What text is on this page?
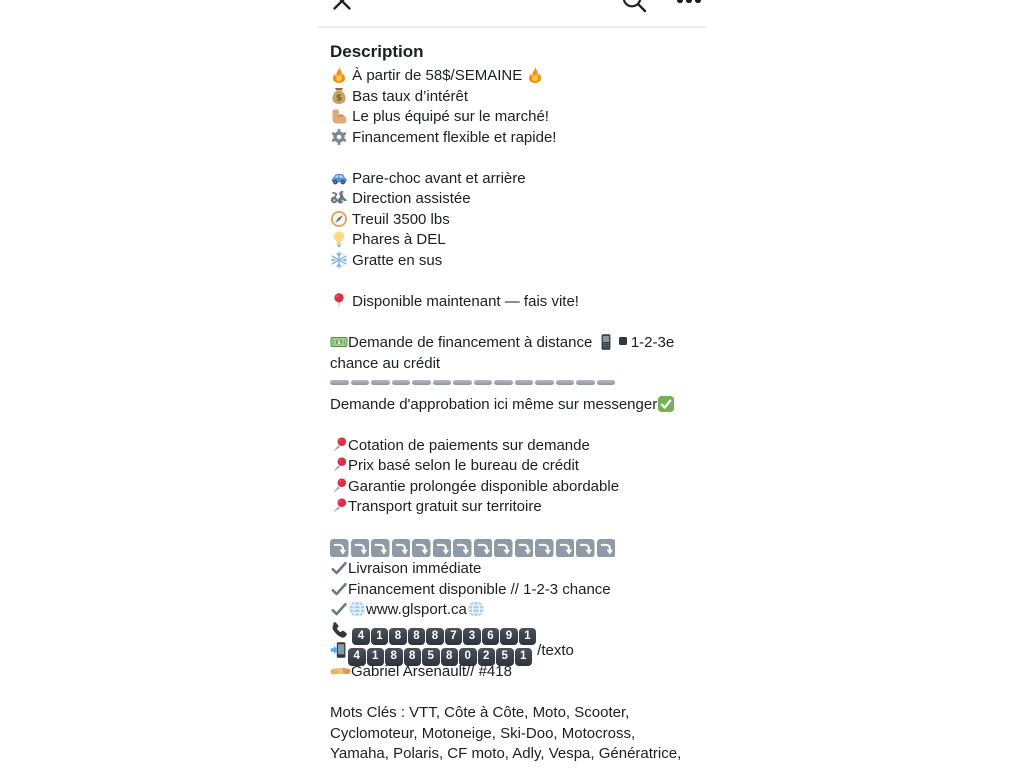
Description
À partir de 58$/SEMAINE
$ Bas taux d’intérêt
Le plus équipé sur le marché!
Financement flexible et rapide!
Pare-choc avant et arrière
Direction assistée
Treuil 3500 lbs
Phares à DEL
Gratte en sus
Disponible maintenant — fais vite!
$ Demande de financement à distance
1-2-3e
chance au crédit
Demande d'approbation ici même sur messenger
Cotation de paiements sur demande
Prix basé selon le bureau de crédit
Garantie prolongée disponible abordable
Transport gratuit sur territoire
Livraison immédiate
Financement disponible // 1-2-3 chance
www.glsport.ca
4 1 8 8 8 7 3 6 9 1
4 1 8 8 5 8 0 2 5 1 /texto
Gabriel Arsenault// #418
Mots Clés : VTT, Côte à Côte, Moto, Scooter,
Cyclomoteur, Motoneige, Ski-Doo, Motocross,
Yamaha, Polaris, CF moto, Adly, Vespa, Génératrice,
